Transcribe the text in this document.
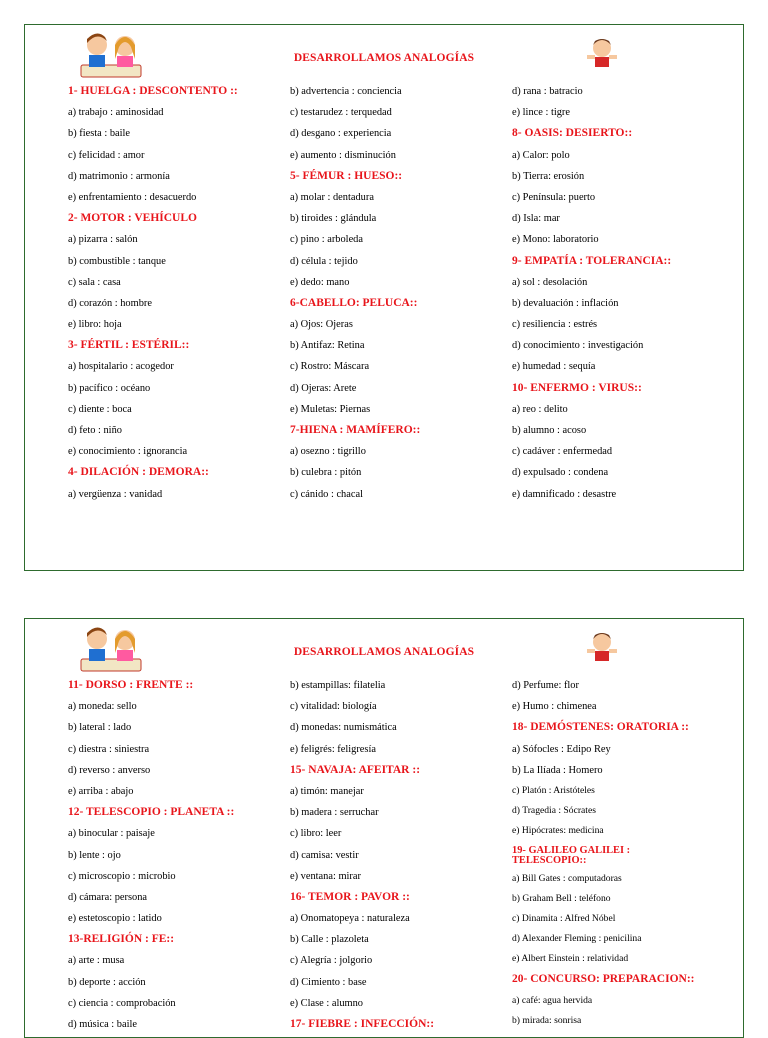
DESARROLLAMOS ANALOGÍAS
1- HUELGA : DESCONTENTO ::
a) trabajo : aminosidad
b) fiesta : baile
c) felicidad : amor
d) matrimonio : armonía
e) enfrentamiento : desacuerdo
2- MOTOR : VEHÍCULO
a) pizarra : salón
b) combustible : tanque
c) sala : casa
d) corazón : hombre
e) libro: hoja
3- FÉRTIL : ESTÉRIL::
a) hospitalario : acogedor
b) pacífico : océano
c) diente : boca
d) feto : niño
e) conocimiento : ignorancia
4- DILACIÓN : DEMORA::
a) vergüenza : vanidad
b) advertencia : conciencia
c) testarudez : terquedad
d) desgano : experiencia
e) aumento : disminución
5- FÉMUR : HUESO::
a) molar : dentadura
b) tiroides : glándula
c) pino : arboleda
d) célula : tejido
e) dedo: mano
6-CABELLO: PELUCA::
a) Ojos: Ojeras
b) Antifaz: Retina
c) Rostro: Máscara
d) Ojeras: Arete
e) Muletas: Piernas
7-HIENA : MAMÍFERO::
a) osezno : tigrillo
b) culebra : pitón
c) cánido : chacal
d) rana : batracio
e) lince : tigre
8- OASIS: DESIERTO::
a) Calor: polo
b) Tierra: erosión
c) Península: puerto
d) Isla: mar
e) Mono: laboratorio
9- EMPATÍA : TOLERANCIA::
a) sol : desolación
b) devaluación : inflación
c) resiliencia : estrés
d) conocimiento : investigación
e) humedad : sequía
10- ENFERMO : VIRUS::
a) reo : delito
b) alumno : acoso
c) cadáver : enfermedad
d) expulsado : condena
e) damnificado : desastre
DESARROLLAMOS ANALOGÍAS
11- DORSO : FRENTE ::
a) moneda: sello
b) lateral : lado
c) diestra : siniestra
d) reverso : anverso
e) arriba : abajo
12- TELESCOPIO : PLANETA ::
a) binocular : paisaje
b) lente : ojo
c) microscopio : microbio
d) cámara: persona
e) estetoscopio : latido
13-RELIGIÓN : FE::
a) arte : musa
b) deporte : acción
c) ciencia : comprobación
d) música : baile
b) estampillas: filatelia
c) vitalidad: biología
d) monedas: numismática
e) feligrés: feligresía
15- NAVAJA: AFEITAR ::
a) timón: manejar
b) madera : serruchar
c) libro: leer
d) camisa: vestir
e) ventana: mirar
16- TEMOR : PAVOR ::
a) Onomatopeya : naturaleza
b) Calle : plazoleta
c) Alegría : jolgorio
d) Cimiento : base
e) Clase : alumno
17- FIEBRE : INFECCIÓN::
d) Perfume: flor
e) Humo : chimenea
18- DEMÓSTENES: ORATORIA ::
a) Sófocles : Edipo Rey
b) La Ilíada : Homero
c) Platón : Aristóteles
d) Tragedia : Sócrates
e) Hipócrates: medicina
19- GALILEO GALILEI : TELESCOPIO::
a) Bill Gates : computadoras
b) Graham Bell : teléfono
c) Dinamita : Alfred Nóbel
d) Alexander Fleming : penicilina
e) Albert Einstein : relatividad
20- CONCURSO: PREPARACION::
a) café: agua hervida
b) mirada: sonrisa
